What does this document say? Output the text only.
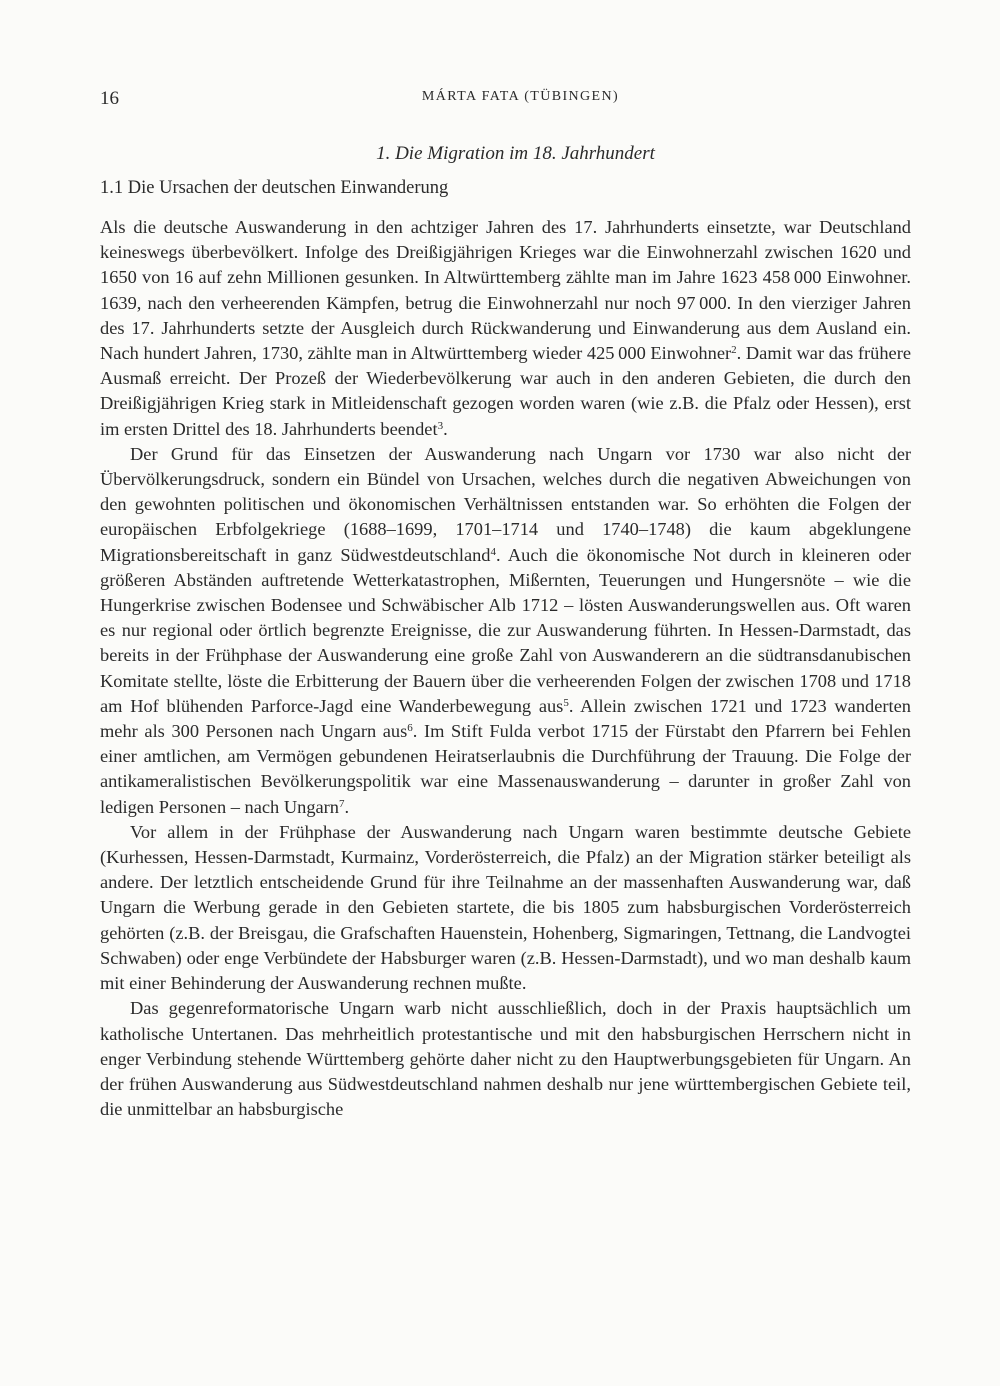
16	MÁRTA FATA (TÜBINGEN)
1. Die Migration im 18. Jahrhundert
1.1 Die Ursachen der deutschen Einwanderung

Als die deutsche Auswanderung in den achtziger Jahren des 17. Jahrhunderts einsetzte, war Deutschland keineswegs überbevölkert. Infolge des Dreißigjährigen Krieges war die Einwohnerzahl zwischen 1620 und 1650 von 16 auf zehn Millionen gesunken. In Altwürttemberg zählte man im Jahre 1623 458 000 Einwohner. 1639, nach den verheerenden Kämpfen, betrug die Einwohnerzahl nur noch 97 000. In den vierziger Jahren des 17. Jahrhunderts setzte der Ausgleich durch Rückwanderung und Einwanderung aus dem Ausland ein. Nach hundert Jahren, 1730, zählte man in Altwürttemberg wieder 425 000 Einwohner$^2$. Damit war das frühere Ausmaß erreicht. Der Prozeß der Wiederbevölkerung war auch in den anderen Gebieten, die durch den Dreißigjährigen Krieg stark in Mitleidenschaft gezogen worden waren (wie z.B. die Pfalz oder Hessen), erst im ersten Drittel des 18. Jahrhunderts beendet$^3$.

Der Grund für das Einsetzen der Auswanderung nach Ungarn vor 1730 war also nicht der Übervölkerungsdruck, sondern ein Bündel von Ursachen, welches durch die negativen Abweichungen von den gewohnten politischen und ökonomischen Verhältnissen entstanden war. So erhöhten die Folgen der europäischen Erbfolgekriege (1688–1699, 1701–1714 und 1740–1748) die kaum abgeklungene Migrationsbereitschaft in ganz Südwestdeutschland$^4$. Auch die ökonomische Not durch in kleineren oder größeren Abständen auftretende Wetterkatastrophen, Mißernten, Teuerungen und Hungersnöte – wie die Hungerkrise zwischen Bodensee und Schwäbischer Alb 1712 – lösten Auswanderungswellen aus. Oft waren es nur regional oder örtlich begrenzte Ereignisse, die zur Auswanderung führten. In Hessen-Darmstadt, das bereits in der Frühphase der Auswanderung eine große Zahl von Auswanderern an die südtransdanubischen Komitate stellte, löste die Erbitterung der Bauern über die verheerenden Folgen der zwischen 1708 und 1718 am Hof blühenden Parforce-Jagd eine Wanderbewegung aus$^5$. Allein zwischen 1721 und 1723 wanderten mehr als 300 Personen nach Ungarn aus$^6$. Im Stift Fulda verbot 1715 der Fürstabt den Pfarrern bei Fehlen einer amtlichen, am Vermögen gebundenen Heiratserlaubnis die Durchführung der Trauung. Die Folge der antikameralistischen Bevölkerungspolitik war eine Massenauswanderung – darunter in großer Zahl von ledigen Personen – nach Ungarn$^7$.

Vor allem in der Frühphase der Auswanderung nach Ungarn waren bestimmte deutsche Gebiete (Kurhessen, Hessen-Darmstadt, Kurmainz, Vorderösterreich, die Pfalz) an der Migration stärker beteiligt als andere. Der letztlich entscheidende Grund für ihre Teilnahme an der massenhaften Auswanderung war, daß Ungarn die Werbung gerade in den Gebieten startete, die bis 1805 zum habsburgischen Vorderösterreich gehörten (z.B. der Breisgau, die Grafschaften Hauenstein, Hohenberg, Sigmaringen, Tettnang, die Landvogtei Schwaben) oder enge Verbündete der Habsburger waren (z.B. Hessen-Darmstadt), und wo man deshalb kaum mit einer Behinderung der Auswanderung rechnen mußte.

Das gegenreformatorische Ungarn warb nicht ausschließlich, doch in der Praxis hauptsächlich um katholische Untertanen. Das mehrheitlich protestantische und mit den habsburgischen Herrschern nicht in enger Verbindung stehende Württemberg gehörte daher nicht zu den Hauptwerbungsgebieten für Ungarn. An der frühen Auswanderung aus Südwestdeutschland nahmen deshalb nur jene württembergischen Gebiete teil, die unmittelbar an habsburgische
